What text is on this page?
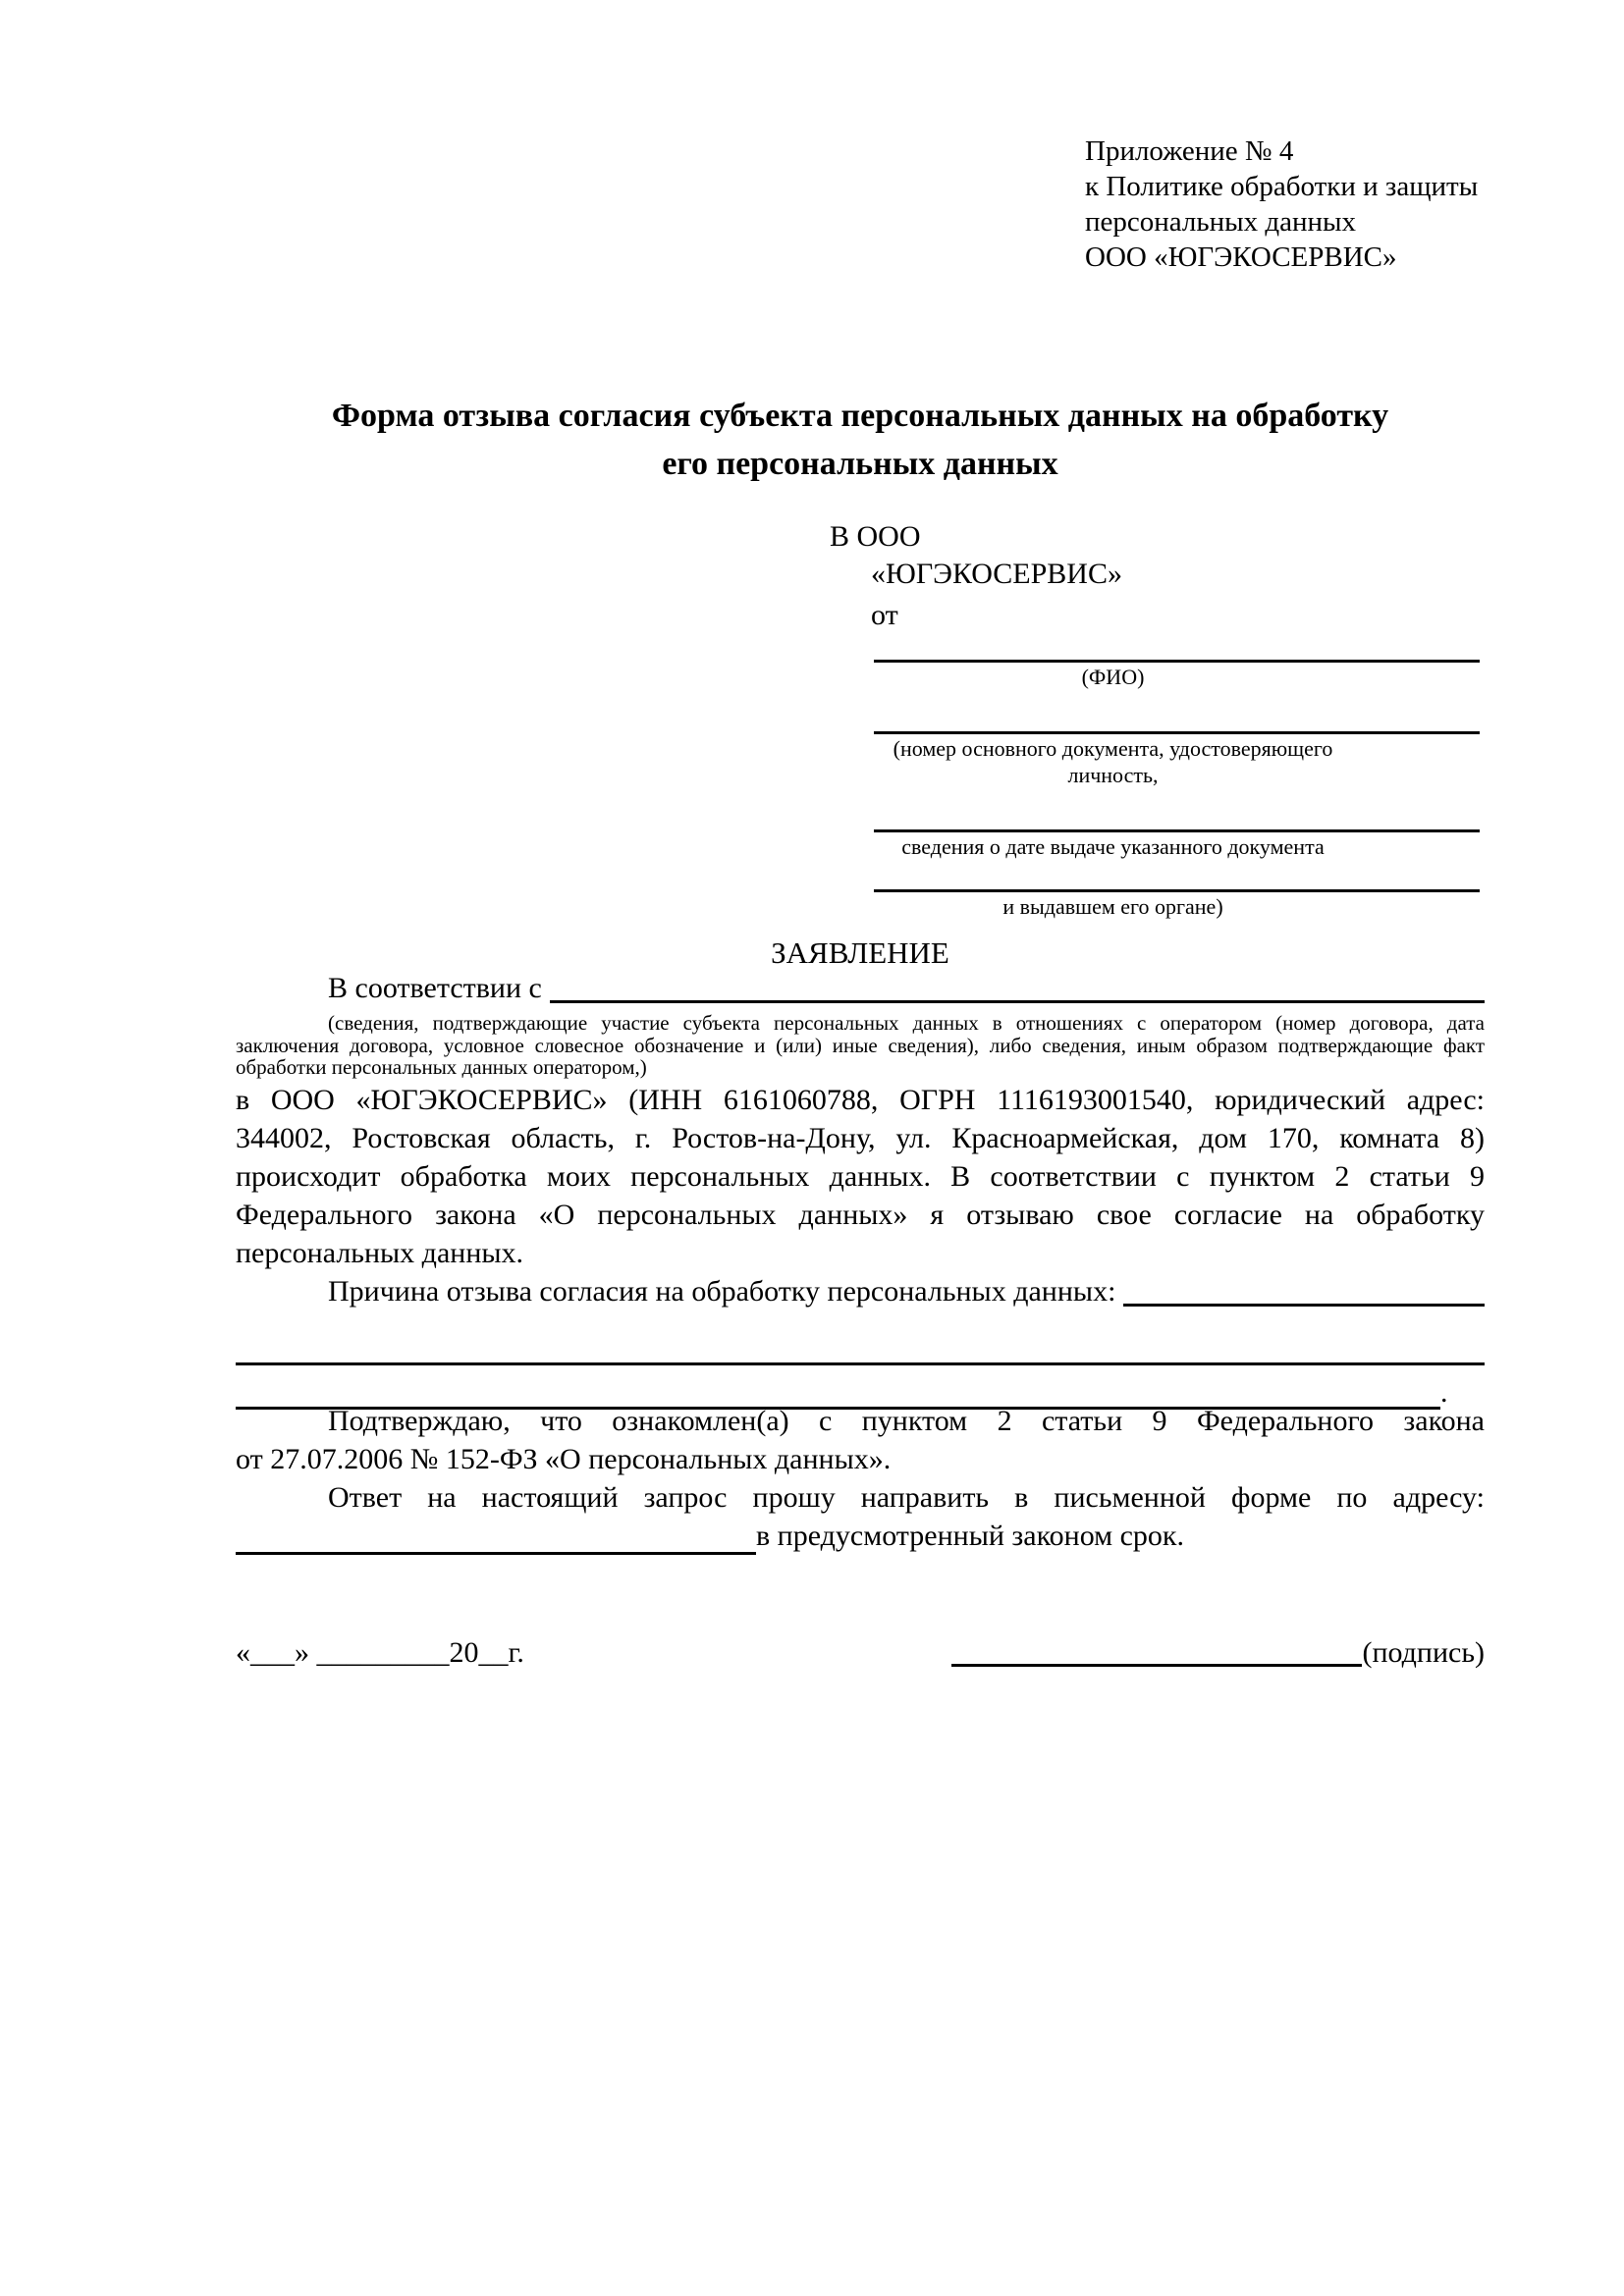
Приложение № 4
к Политике обработки и защиты
персональных данных
ООО «ЮГЭКОСЕРВИС»
Форма отзыва согласия субъекта персональных данных на обработку
его персональных данных
В ООО
«ЮГЭКОСЕРВИС»
от
(ФИО)
(номер основного документа, удостоверяющего личность,
сведения о дате выдаче указанного документа
и выдавшем его органе)
ЗАЯВЛЕНИЕ
В соответствии с
(сведения, подтверждающие участие субъекта персональных данных в отношениях с оператором (номер договора, дата
заключения договора, условное словесное обозначение и (или) иные сведения), либо сведения, иным образом подтверждающие факт
обработки персональных данных оператором,)
в ООО «ЮГЭКОСЕРВИС» (ИНН 6161060788, ОГРН 1116193001540, юридический адрес:
344002, Ростовская область, г. Ростов-на-Дону, ул. Красноармейская, дом 170, комната 8)
происходит обработка моих персональных данных. В соответствии с пунктом 2 статьи 9
Федерального закона «О персональных данных» я отзываю свое согласие на обработку
персональных данных.
Причина отзыва согласия на обработку персональных данных:
.
Подтверждаю, что ознакомлен(а) с пунктом 2 статьи 9 Федерального закона
от 27.07.2006 № 152-ФЗ «О персональных данных».
Ответ на настоящий запрос прошу направить в письменной форме по адресу:
в предусмотренный законом срок.
«___» _________20__г.	(подпись)
